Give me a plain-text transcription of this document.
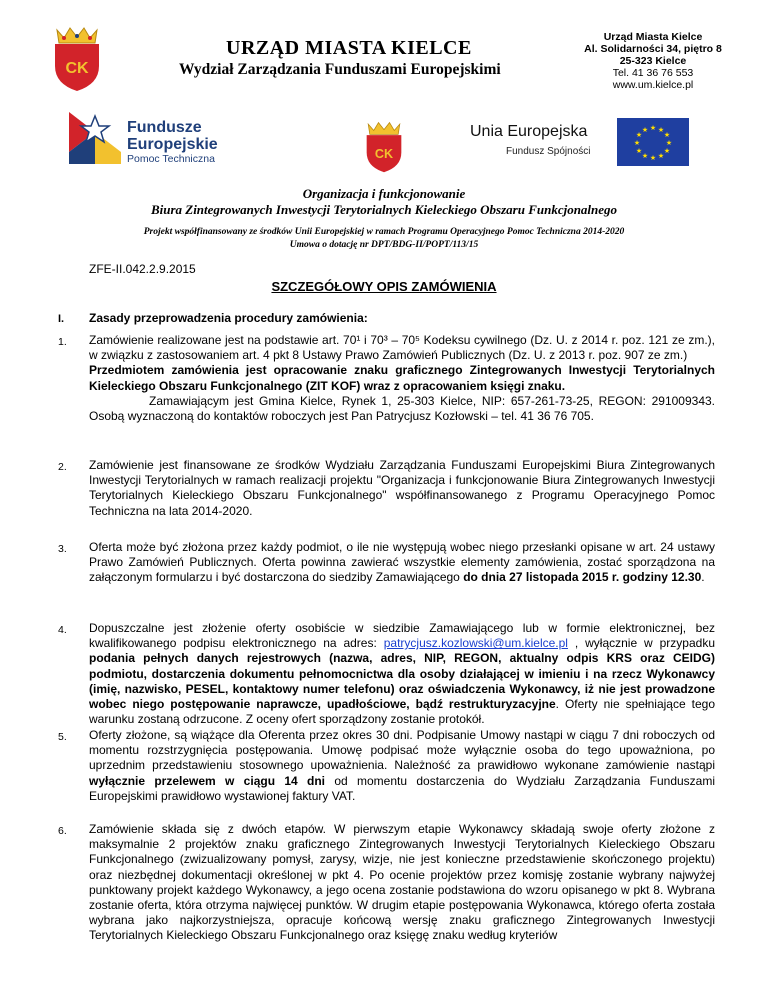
CK
URZĄD MIASTA KIELCE
Wydział Zarządzania Funduszami Europejskimi
Urząd Miasta Kielce
Al. Solidarności 34, piętro 8
25-323 Kielce
Tel. 41 36 76 553
www.um.kielce.pl
Fundusze
Europejskie
Pomoc Techniczna	CK
Unia Europejska
Fundusz Spójności
★ ★
★
★
★
★
★
★
★
★
★
★
Organizacja i funkcjonowanie
Biura Zintegrowanych Inwestycji Terytorialnych Kieleckiego Obszaru Funkcjonalnego
Projekt współfinansowany ze środków Unii Europejskiej w ramach Programu Operacyjnego Pomoc Techniczna 2014-2020
Umowa o dotację nr DPT/BDG-II/POPT/113/15
ZFE-II.042.2.9.2015
SZCZEGÓŁOWY OPIS ZAMÓWIENIA
I. Zasady przeprowadzenia procedury zamówienia:
1. Zamówienie realizowane jest na podstawie art. 70¹ i 70³ – 70⁵ Kodeksu cywilnego (Dz. U. z 2014 r. poz. 121 ze zm.), w związku z zastosowaniem art. 4 pkt 8 Ustawy Prawo Zamówień Publicznych (Dz. U. z 2013 r. poz. 907 ze zm.)
Przedmiotem zamówienia jest opracowanie znaku graficznego Zintegrowanych Inwestycji Terytorialnych Kieleckiego Obszaru Funkcjonalnego (ZIT KOF) wraz z opracowaniem księgi znaku.
Zamawiającym jest Gmina Kielce, Rynek 1, 25-303 Kielce, NIP: 657-261-73-25, REGON: 291009343. Osobą wyznaczoną do kontaktów roboczych jest Pan Patrycjusz Kozłowski – tel. 41 36 76 705.
2. Zamówienie jest finansowane ze środków Wydziału Zarządzania Funduszami Europejskimi Biura Zintegrowanych Inwestycji Terytorialnych w ramach realizacji projektu "Organizacja i funkcjonowanie Biura Zintegrowanych Inwestycji Terytorialnych Kieleckiego Obszaru Funkcjonalnego" współfinansowanego z Programu Operacyjnego Pomoc Techniczna na lata 2014-2020.
3. Oferta może być złożona przez każdy podmiot, o ile nie występują wobec niego przesłanki opisane w art. 24 ustawy Prawo Zamówień Publicznych. Oferta powinna zawierać wszystkie elementy zamówienia, zostać sporządzona na załączonym formularzu i być dostarczona do siedziby Zamawiającego do dnia 27 listopada 2015 r. godziny 12.30.
4. Dopuszczalne jest złożenie oferty osobiście w siedzibie Zamawiającego lub w formie elektronicznej, bez kwalifikowanego podpisu elektronicznego na adres: patrycjusz.kozlowski@um.kielce.pl , wyłącznie w przypadku podania pełnych danych rejestrowych (nazwa, adres, NIP, REGON, aktualny odpis KRS oraz CEIDG) podmiotu, dostarczenia dokumentu pełnomocnictwa dla osoby działającej w imieniu i na rzecz Wykonawcy (imię, nazwisko, PESEL, kontaktowy numer telefonu) oraz oświadczenia Wykonawcy, iż nie jest prowadzone wobec niego postępowanie naprawcze, upadłościowe, bądź restrukturyzacyjne. Oferty nie spełniające tego warunku zostaną odrzucone. Z oceny ofert sporządzony zostanie protokół.
5. Oferty złożone, są wiążące dla Oferenta przez okres 30 dni. Podpisanie Umowy nastąpi w ciągu 7 dni roboczych od momentu rozstrzygnięcia postępowania. Umowę podpisać może wyłącznie osoba do tego upoważniona, po uprzednim przedstawieniu stosownego upoważnienia. Należność za prawidłowo wykonane zamówienie nastąpi wyłącznie przelewem w ciągu 14 dni od momentu dostarczenia do Wydziału Zarządzania Funduszami Europejskimi prawidłowo wystawionej faktury VAT.
6. Zamówienie składa się z dwóch etapów. W pierwszym etapie Wykonawcy składają swoje oferty złożone z maksymalnie 2 projektów znaku graficznego Zintegrowanych Inwestycji Terytorialnych Kieleckiego Obszaru Funkcjonalnego (zwizualizowany pomysł, zarysy, wizje, nie jest konieczne przedstawienie skończonego projektu) oraz niezbędnej dokumentacji określonej w pkt 4. Po ocenie projektów przez komisję zostanie wybrany najwyżej punktowany projekt każdego Wykonawcy, a jego ocena zostanie podstawiona do wzoru opisanego w pkt 8. Wybrana zostanie oferta, która otrzyma najwięcej punktów. W drugim etapie postępowania Wykonawca, którego oferta została wybrana jako najkorzystniejsza, opracuje końcową wersję znaku graficznego Zintegrowanych Inwestycji Terytorialnych Kieleckiego Obszaru Funkcjonalnego oraz księgę znaku według kryteriów
